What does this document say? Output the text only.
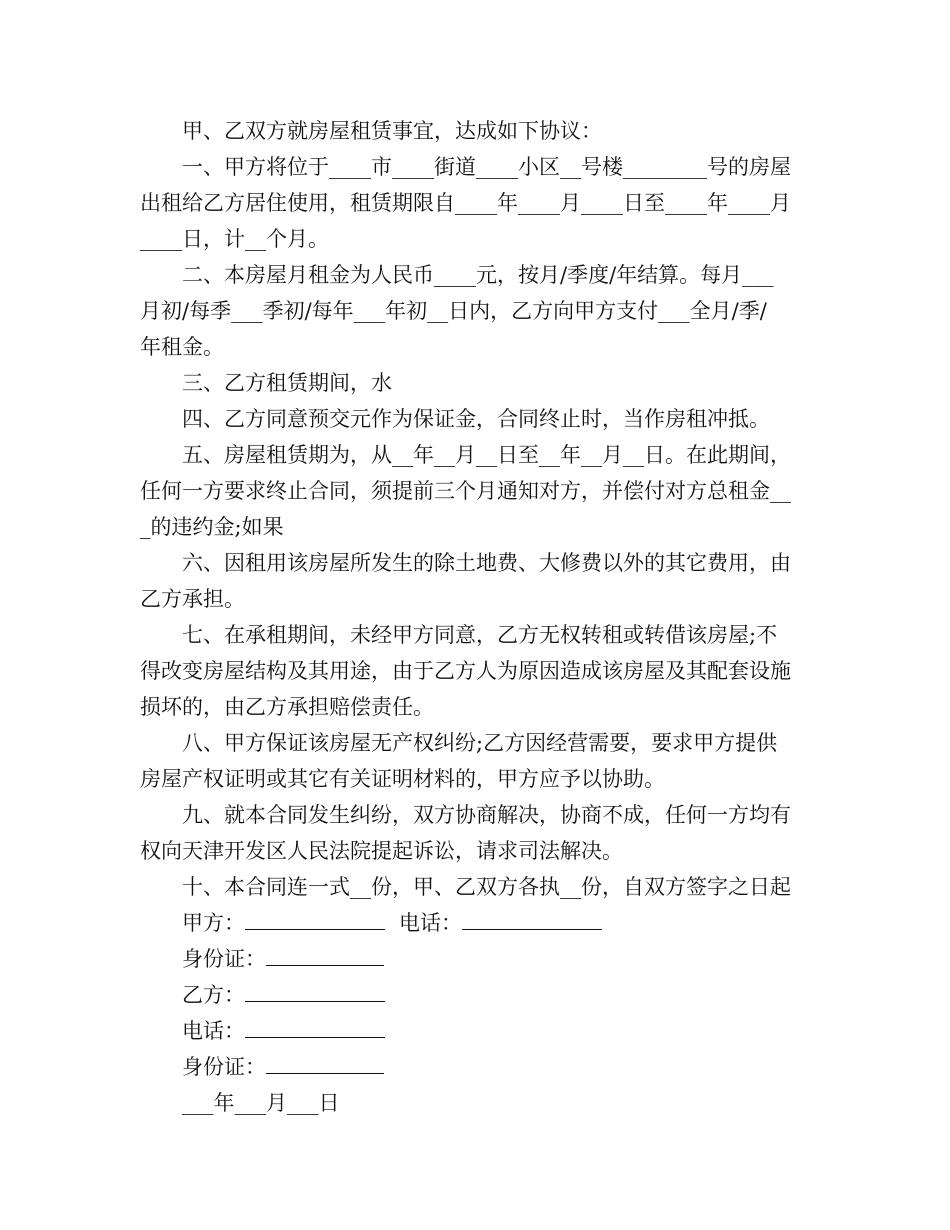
甲、乙双方就房屋租赁事宜，达成如下协议：
一、甲方将位于____市____街道____小区__号楼________号的房屋
出租给乙方居住使用，租赁期限自____年____月____日至____年____月
____日，计__个月。
二、本房屋月租金为人民币____元，按月/季度/年结算。每月___
月初/每季___季初/每年___年初__日内，乙方向甲方支付___全月/季/
年租金。
三、乙方租赁期间，水
四、乙方同意预交元作为保证金，合同终止时，当作房租冲抵。
五、房屋租赁期为，从__年__月__日至__年__月__日。在此期间，
任何一方要求终止合同，须提前三个月通知对方，并偿付对方总租金__
_的违约金;如果
六、因租用该房屋所发生的除土地费、大修费以外的其它费用，由
乙方承担。
七、在承租期间，未经甲方同意，乙方无权转租或转借该房屋;不
得改变房屋结构及其用途，由于乙方人为原因造成该房屋及其配套设施
损坏的，由乙方承担赔偿责任。
八、甲方保证该房屋无产权纠纷;乙方因经营需要，要求甲方提供
房屋产权证明或其它有关证明材料的，甲方应予以协助。
九、就本合同发生纠纷，双方协商解决，协商不成，任何一方均有
权向天津开发区人民法院提起诉讼，请求司法解决。
十、本合同连一式__份，甲、乙双方各执__份，自双方签字之日起
甲方：	电话：
身份证：
乙方：
电话：
身份证：
___年___月___日
